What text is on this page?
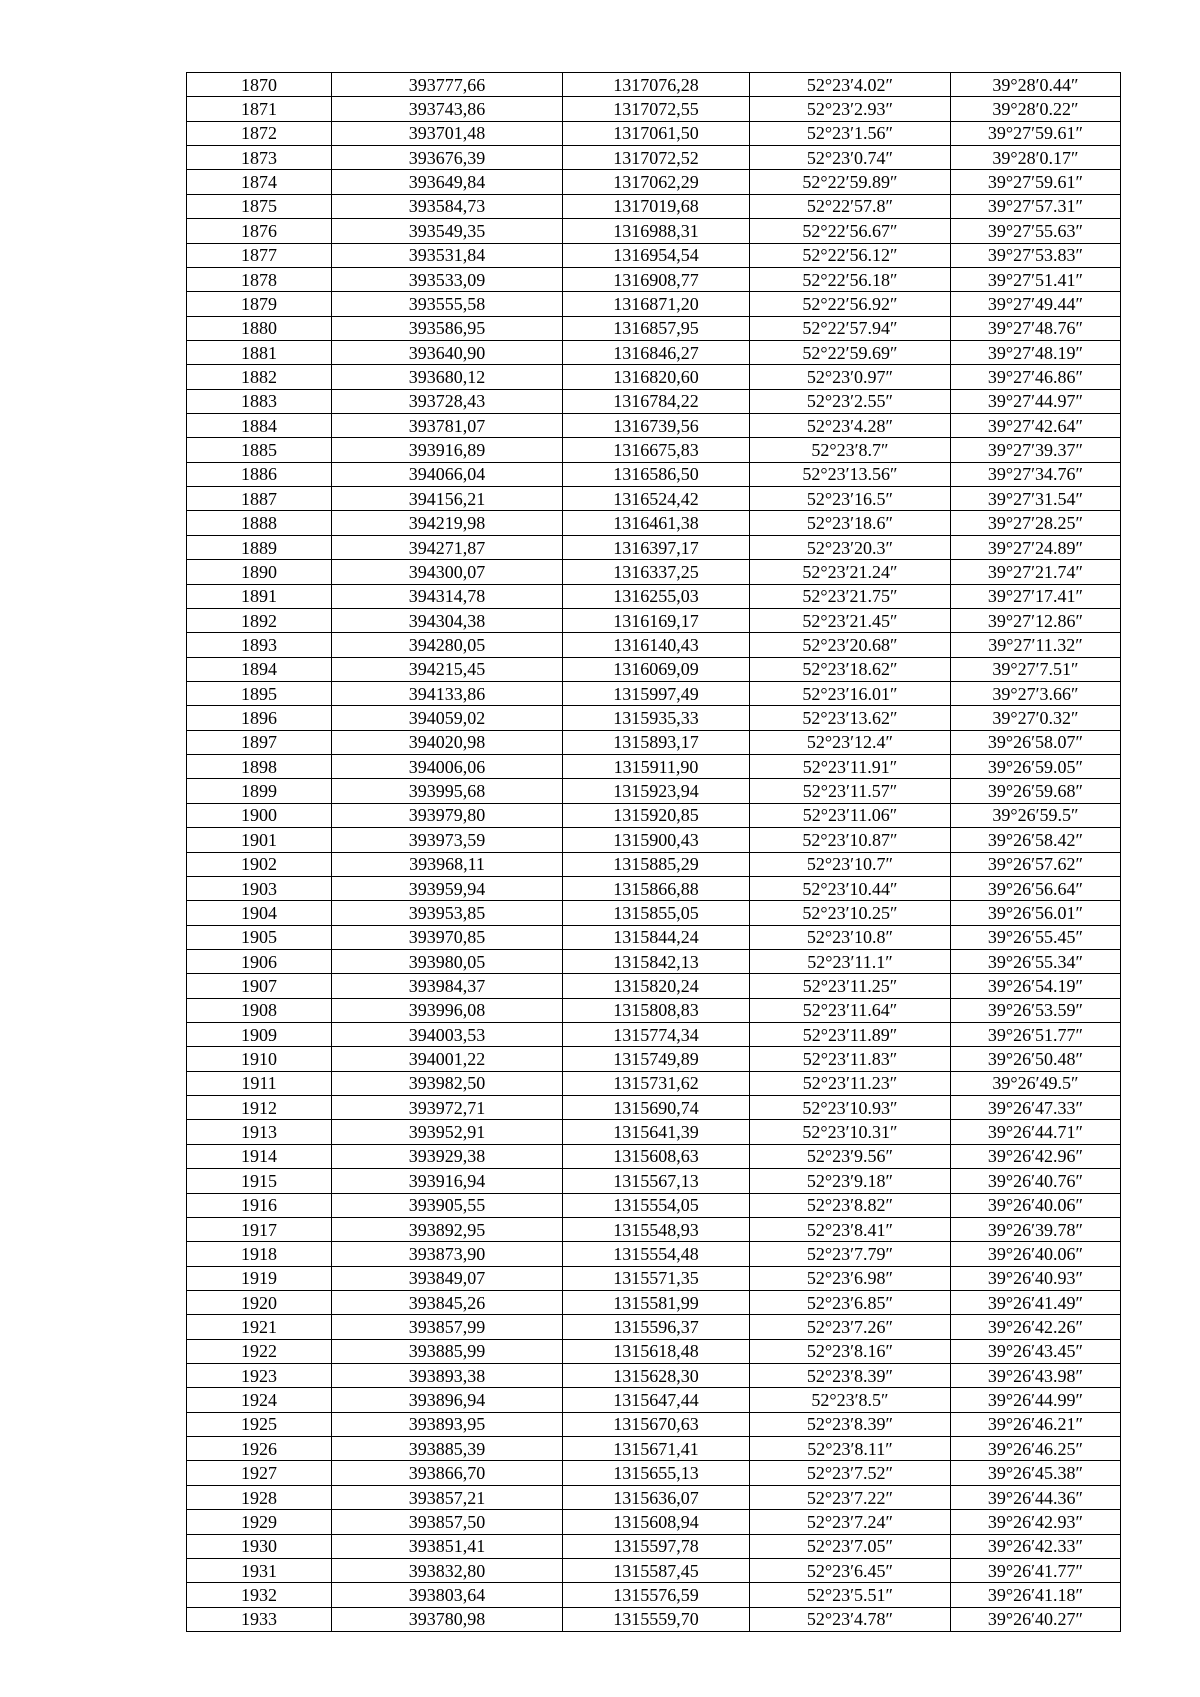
1870	393777,66	1317076,28	52°23′4.02″	39°28′0.44″
1871	393743,86	1317072,55	52°23′2.93″	39°28′0.22″
1872	393701,48	1317061,50	52°23′1.56″	39°27′59.61″
1873	393676,39	1317072,52	52°23′0.74″	39°28′0.17″
1874	393649,84	1317062,29	52°22′59.89″	39°27′59.61″
1875	393584,73	1317019,68	52°22′57.8″	39°27′57.31″
1876	393549,35	1316988,31	52°22′56.67″	39°27′55.63″
1877	393531,84	1316954,54	52°22′56.12″	39°27′53.83″
1878	393533,09	1316908,77	52°22′56.18″	39°27′51.41″
1879	393555,58	1316871,20	52°22′56.92″	39°27′49.44″
1880	393586,95	1316857,95	52°22′57.94″	39°27′48.76″
1881	393640,90	1316846,27	52°22′59.69″	39°27′48.19″
1882	393680,12	1316820,60	52°23′0.97″	39°27′46.86″
1883	393728,43	1316784,22	52°23′2.55″	39°27′44.97″
1884	393781,07	1316739,56	52°23′4.28″	39°27′42.64″
1885	393916,89	1316675,83	52°23′8.7″	39°27′39.37″
1886	394066,04	1316586,50	52°23′13.56″	39°27′34.76″
1887	394156,21	1316524,42	52°23′16.5″	39°27′31.54″
1888	394219,98	1316461,38	52°23′18.6″	39°27′28.25″
1889	394271,87	1316397,17	52°23′20.3″	39°27′24.89″
1890	394300,07	1316337,25	52°23′21.24″	39°27′21.74″
1891	394314,78	1316255,03	52°23′21.75″	39°27′17.41″
1892	394304,38	1316169,17	52°23′21.45″	39°27′12.86″
1893	394280,05	1316140,43	52°23′20.68″	39°27′11.32″
1894	394215,45	1316069,09	52°23′18.62″	39°27′7.51″
1895	394133,86	1315997,49	52°23′16.01″	39°27′3.66″
1896	394059,02	1315935,33	52°23′13.62″	39°27′0.32″
1897	394020,98	1315893,17	52°23′12.4″	39°26′58.07″
1898	394006,06	1315911,90	52°23′11.91″	39°26′59.05″
1899	393995,68	1315923,94	52°23′11.57″	39°26′59.68″
1900	393979,80	1315920,85	52°23′11.06″	39°26′59.5″
1901	393973,59	1315900,43	52°23′10.87″	39°26′58.42″
1902	393968,11	1315885,29	52°23′10.7″	39°26′57.62″
1903	393959,94	1315866,88	52°23′10.44″	39°26′56.64″
1904	393953,85	1315855,05	52°23′10.25″	39°26′56.01″
1905	393970,85	1315844,24	52°23′10.8″	39°26′55.45″
1906	393980,05	1315842,13	52°23′11.1″	39°26′55.34″
1907	393984,37	1315820,24	52°23′11.25″	39°26′54.19″
1908	393996,08	1315808,83	52°23′11.64″	39°26′53.59″
1909	394003,53	1315774,34	52°23′11.89″	39°26′51.77″
1910	394001,22	1315749,89	52°23′11.83″	39°26′50.48″
1911	393982,50	1315731,62	52°23′11.23″	39°26′49.5″
1912	393972,71	1315690,74	52°23′10.93″	39°26′47.33″
1913	393952,91	1315641,39	52°23′10.31″	39°26′44.71″
1914	393929,38	1315608,63	52°23′9.56″	39°26′42.96″
1915	393916,94	1315567,13	52°23′9.18″	39°26′40.76″
1916	393905,55	1315554,05	52°23′8.82″	39°26′40.06″
1917	393892,95	1315548,93	52°23′8.41″	39°26′39.78″
1918	393873,90	1315554,48	52°23′7.79″	39°26′40.06″
1919	393849,07	1315571,35	52°23′6.98″	39°26′40.93″
1920	393845,26	1315581,99	52°23′6.85″	39°26′41.49″
1921	393857,99	1315596,37	52°23′7.26″	39°26′42.26″
1922	393885,99	1315618,48	52°23′8.16″	39°26′43.45″
1923	393893,38	1315628,30	52°23′8.39″	39°26′43.98″
1924	393896,94	1315647,44	52°23′8.5″	39°26′44.99″
1925	393893,95	1315670,63	52°23′8.39″	39°26′46.21″
1926	393885,39	1315671,41	52°23′8.11″	39°26′46.25″
1927	393866,70	1315655,13	52°23′7.52″	39°26′45.38″
1928	393857,21	1315636,07	52°23′7.22″	39°26′44.36″
1929	393857,50	1315608,94	52°23′7.24″	39°26′42.93″
1930	393851,41	1315597,78	52°23′7.05″	39°26′42.33″
1931	393832,80	1315587,45	52°23′6.45″	39°26′41.77″
1932	393803,64	1315576,59	52°23′5.51″	39°26′41.18″
1933	393780,98	1315559,70	52°23′4.78″	39°26′40.27″
